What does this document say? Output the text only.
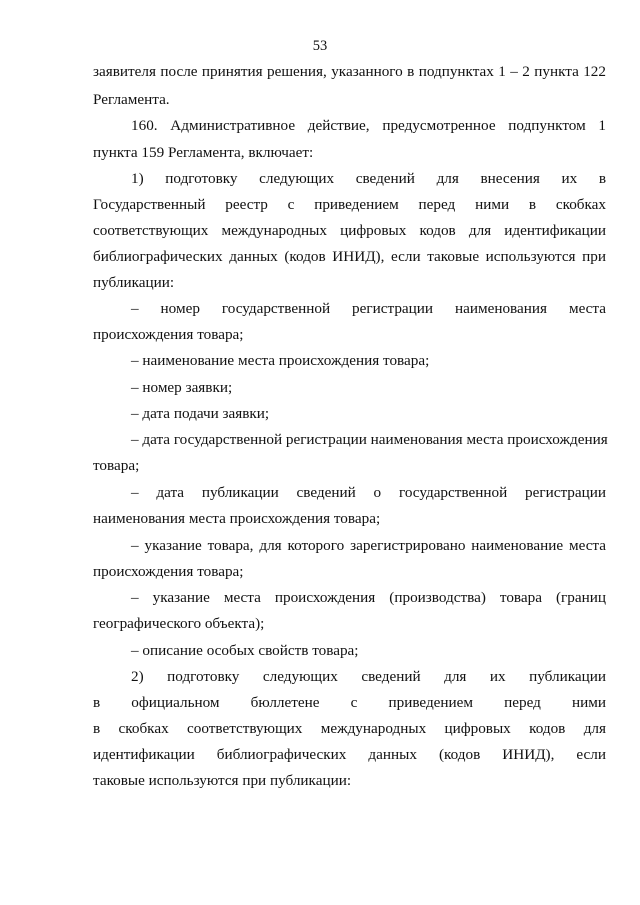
53
заявителя после принятия решения, указанного в подпунктах 1 – 2 пункта 122
Регламента.
160. Административное действие, предусмотренное подпунктом 1
пункта 159 Регламента, включает:
1) подготовку следующих сведений для внесения их в
Государственный реестр с приведением перед ними в скобках
соответствующих международных цифровых кодов для идентификации
библиографических данных (кодов ИНИД), если таковые используются при
публикации:
– номер государственной регистрации наименования места
происхождения товара;
– наименование места происхождения товара;
– номер заявки;
– дата подачи заявки;
– дата государственной регистрации наименования места происхождения
товара;
– дата публикации сведений о государственной регистрации
наименования места происхождения товара;
– указание товара, для которого зарегистрировано наименование места
происхождения товара;
– указание места происхождения (производства) товара (границ
географического объекта);
– описание особых свойств товара;
2) подготовку следующих сведений для их публикации
в официальном бюллетене с приведением перед ними
в скобках соответствующих международных цифровых кодов для
идентификации библиографических данных (кодов ИНИД), если
таковые используются при публикации:
